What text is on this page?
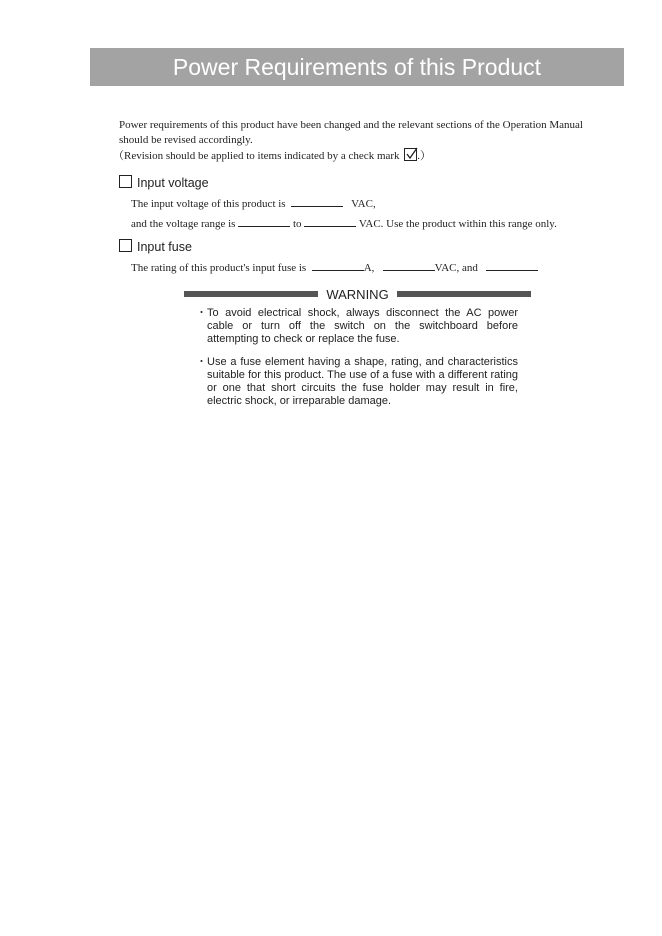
Power Requirements of this Product
Power requirements of this product have been changed and the relevant sections of the Operation Manual should be revised accordingly.
（Revision should be applied to items indicated by a check mark
.）
Input voltage
The input voltage of this product is	VAC,
and the voltage range is	to	VAC. Use the product within this range only.
Input fuse
The rating of this product's input fuse is	A,	VAC, and
WARNING
・ To avoid electrical shock, always disconnect the AC power cable or turn off the switch on the switchboard before attempting to check or replace the fuse.
・ Use a fuse element having a shape, rating, and characteristics suitable for this product. The use of a fuse with a different rating or one that short circuits the fuse holder may result in fire, electric shock, or irreparable damage.
